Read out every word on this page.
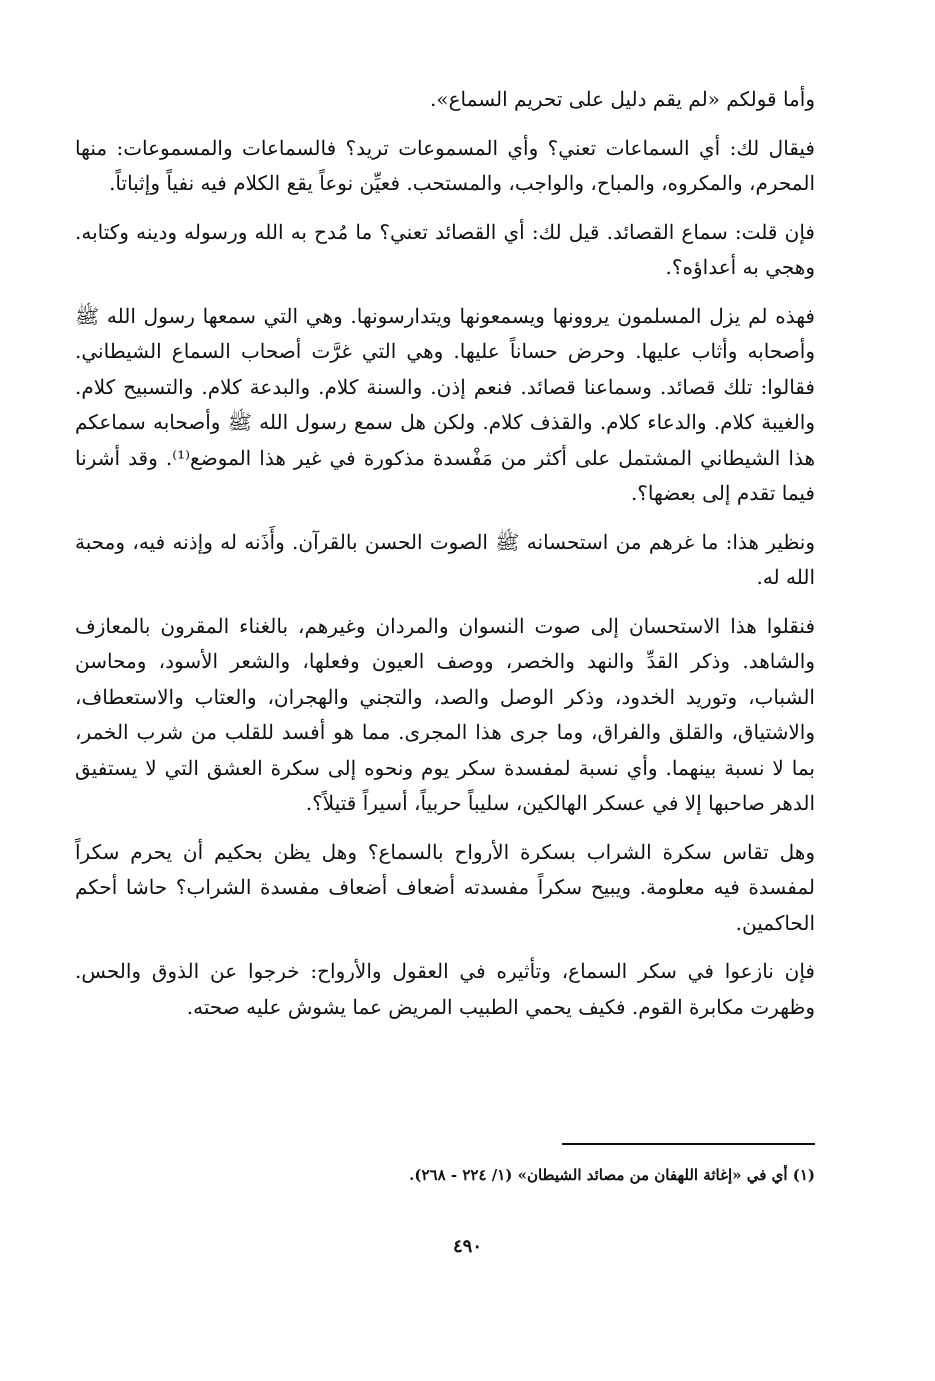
وأما قولكم «لم يقم دليل على تحريم السماع».

فيقال لك: أي السماعات تعني؟ وأي المسموعات تريد؟ فالسماعات والمسموعات: منها المحرم، والمكروه، والمباح، والواجب، والمستحب. فعيِّن نوعاً يقع الكلام فيه نفياً وإثباتاً.

فإن قلت: سماع القصائد. قيل لك: أي القصائد تعني؟ ما مُدح به الله ورسوله ودينه وكتابه. وهجي به أعداؤه؟.

فهذه لم يزل المسلمون يروونها ويسمعونها ويتدارسونها. وهي التي سمعها رسول الله ﷺ وأصحابه وأثاب عليها. وحرض حساناً عليها. وهي التي غرَّت أصحاب السماع الشيطاني. فقالوا: تلك قصائد. وسماعنا قصائد. فنعم إذن. والسنة كلام. والبدعة كلام. والتسبيح كلام. والغيبة كلام. والدعاء كلام. والقذف كلام. ولكن هل سمع رسول الله ﷺ وأصحابه سماعكم هذا الشيطاني المشتمل على أكثر من مَفْسدة مذكورة في غير هذا الموضع⁽¹⁾. وقد أشرنا فيما تقدم إلى بعضها؟.

ونظير هذا: ما غرهم من استحسانه ﷺ الصوت الحسن بالقرآن. وأَذَنه له وإذنه فيه، ومحبة الله له.

فنقلوا هذا الاستحسان إلى صوت النسوان والمردان وغيرهم، بالغناء المقرون بالمعازف والشاهد. وذكر القدِّ والنهد والخصر، ووصف العيون وفعلها، والشعر الأسود، ومحاسن الشباب، وتوريد الخدود، وذكر الوصل والصد، والتجني والهجران، والعتاب والاستعطاف، والاشتياق، والقلق والفراق، وما جرى هذا المجرى. مما هو أفسد للقلب من شرب الخمر، بما لا نسبة بينهما. وأي نسبة لمفسدة سكر يوم ونحوه إلى سكرة العشق التي لا يستفيق الدهر صاحبها إلا في عسكر الهالكين، سليباً حربياً، أسيراً قتيلاً؟.

وهل تقاس سكرة الشراب بسكرة الأرواح بالسماع؟ وهل يظن بحكيم أن يحرم سكراً لمفسدة فيه معلومة. ويبيح سكراً مفسدته أضعاف أضعاف مفسدة الشراب؟ حاشا أحكم الحاكمين.

فإن نازعوا في سكر السماع، وتأثيره في العقول والأرواح: خرجوا عن الذوق والحس. وظهرت مكابرة القوم. فكيف يحمي الطبيب المريض عما يشوش عليه صحته.

(١) أي في «إغاثة اللهفان من مصائد الشيطان» (١/ ٢٢٤ - ٢٦٨).
٤٩٠
